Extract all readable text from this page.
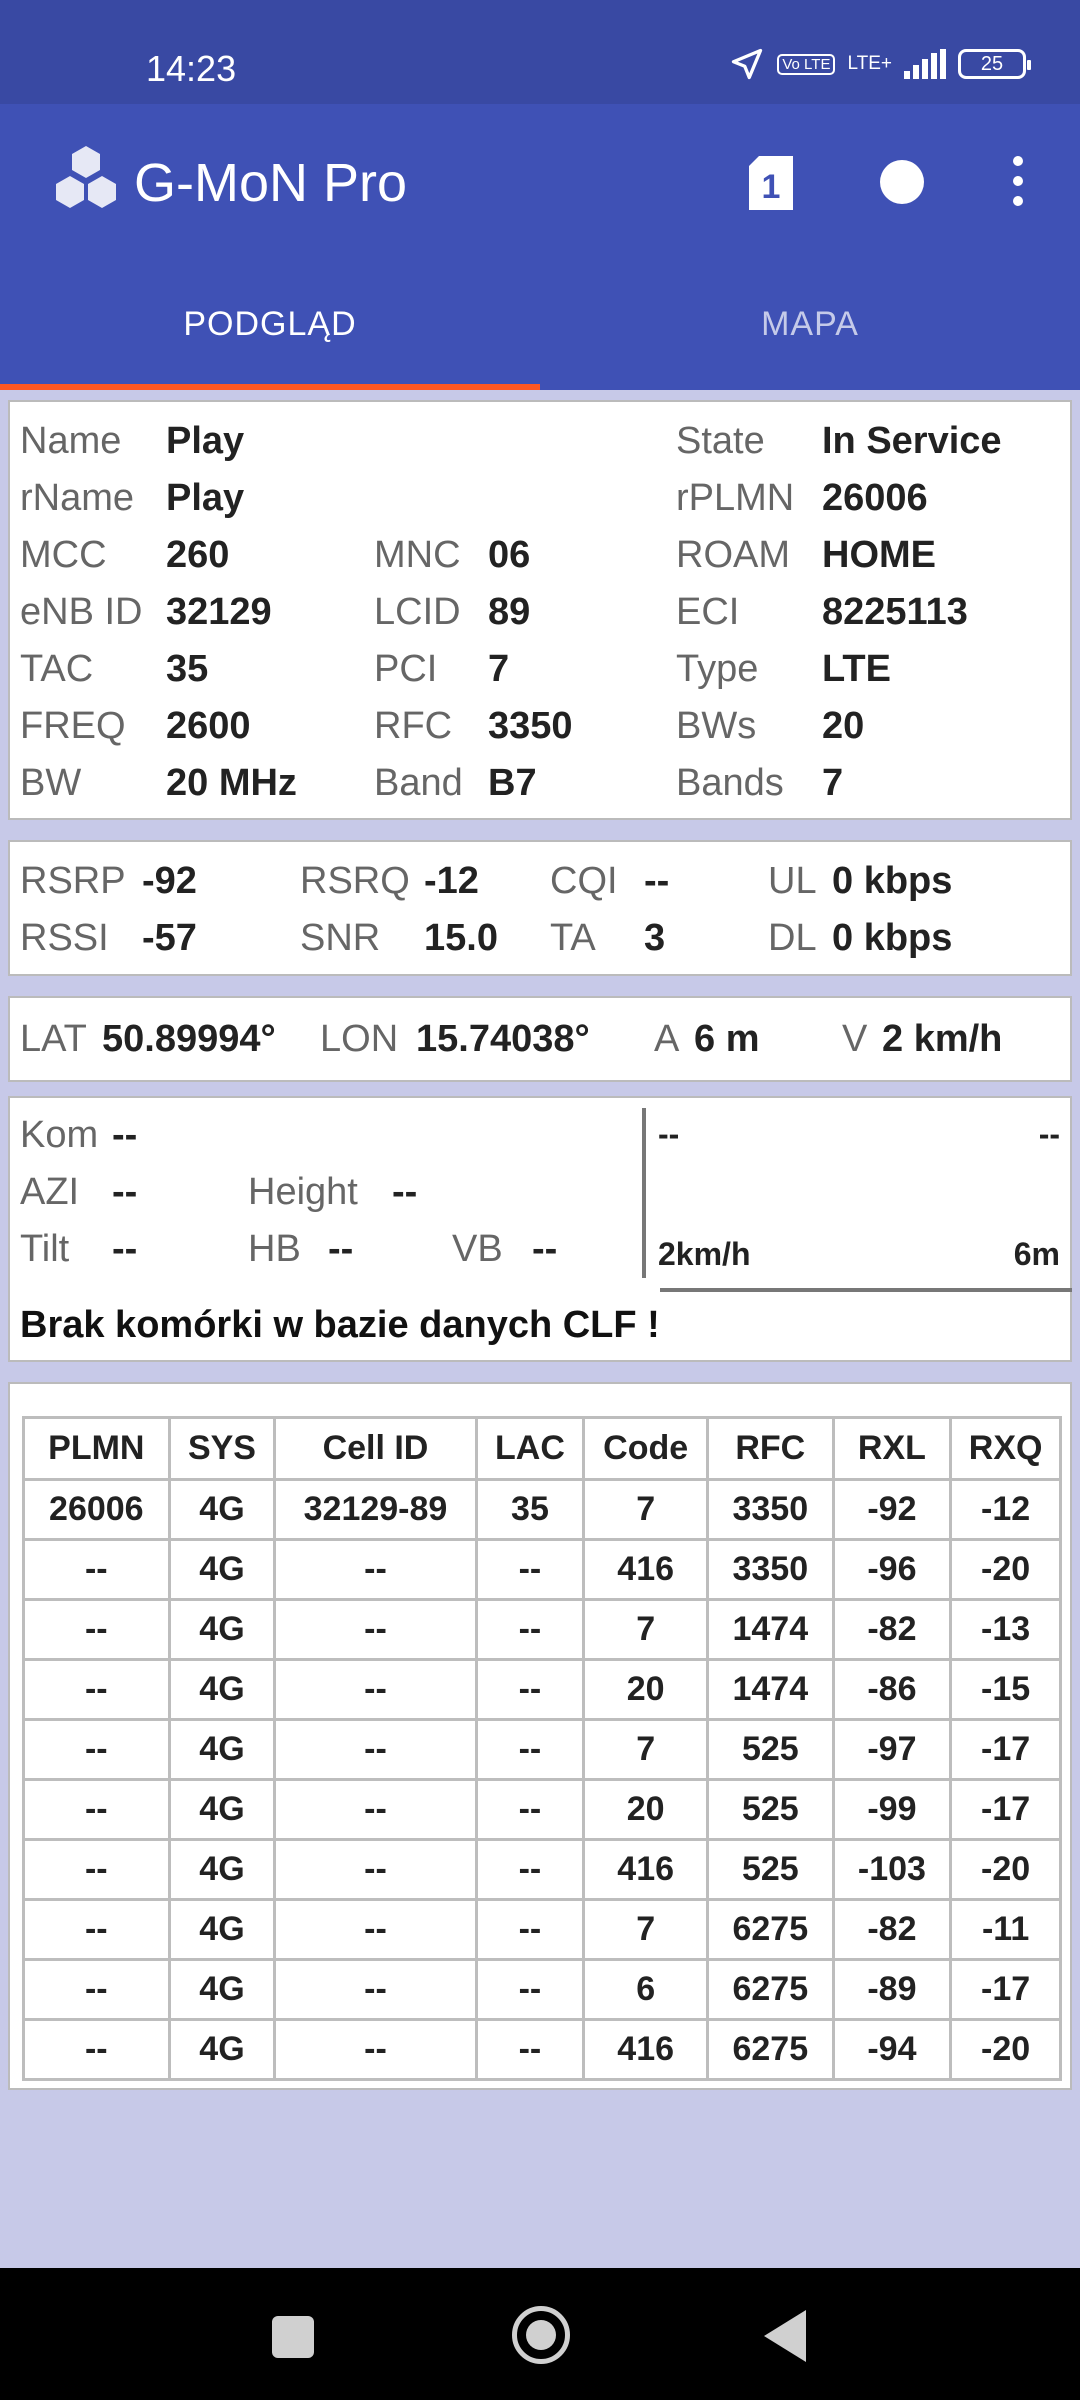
14:23	Vo LTE LTE+	25
G-MoN Pro	1
PODGLĄD	MAPA
Name Play	State In Service
rName Play	rPLMN 26006
MCC 260	MNC 06	ROAM HOME
eNB ID 32129	LCID 89	ECI 8225113
TAC 35	PCI 7	Type LTE
FREQ 2600	RFC 3350	BWs 20
BW 20 MHz Band B7	Bands 7
RSRP -92	RSRQ -12 CQI --	UL 0 kbps
RSSI -57	SNR 15.0 TA 3	DL 0 kbps
LAT 50.89994° LON 15.74038° A 6 m V 2 km/h
Kom --
AZI --	Height --
Tilt --	HB --	VB --
--	--
2km/h	6m
Brak komórki w bazie danych CLF !
PLMN	SYS	Cell ID	LAC	Code	RFC	RXL	RXQ
26006	4G	32129-89	35	7	3350	-92	-12
--	4G	--	--	416	3350	-96	-20
--	4G	--	--	7	1474	-82	-13
--	4G	--	--	20	1474	-86	-15
--	4G	--	--	7	525	-97	-17
--	4G	--	--	20	525	-99	-17
--	4G	--	--	416	525	-103	-20
--	4G	--	--	7	6275	-82	-11
--	4G	--	--	6	6275	-89	-17
--	4G	--	--	416	6275	-94	-20
